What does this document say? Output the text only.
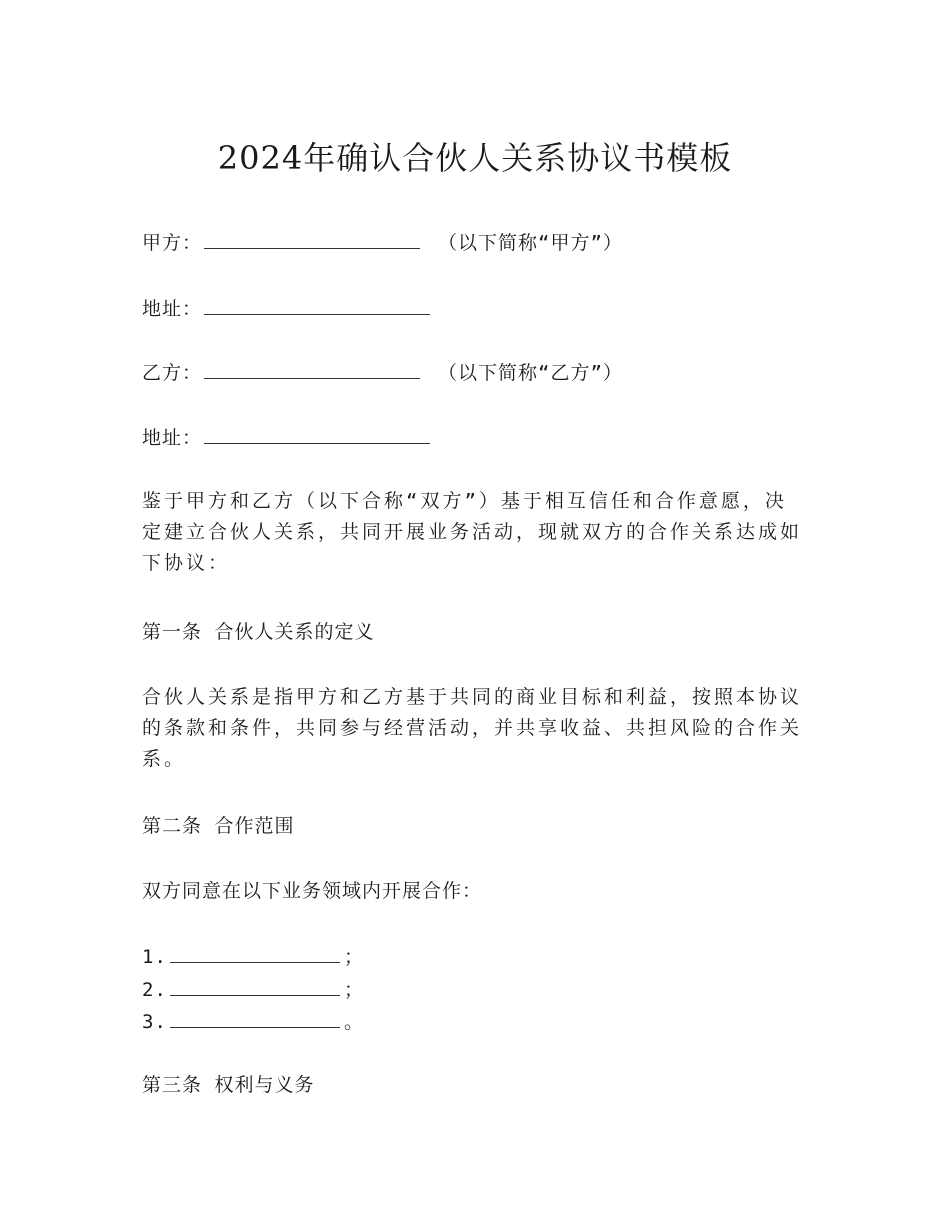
2024年确认合伙人关系协议书模板
甲方：	（以下简称“甲方”）
地址：
乙方：	（以下简称“乙方”）
地址：

鉴于甲方和乙方（以下合称“双方”）基于相互信任和合作意愿，决定建立合伙人关系，共同开展业务活动，现就双方的合作关系达成如下协议：

第一条 合伙人关系的定义

合伙人关系是指甲方和乙方基于共同的商业目标和利益，按照本协议的条款和条件，共同参与经营活动，并共享收益、共担风险的合作关系。

第二条 合作范围
双方同意在以下业务领域内开展合作：
1.	；
2.	；
3.	。
第三条 权利与义务
